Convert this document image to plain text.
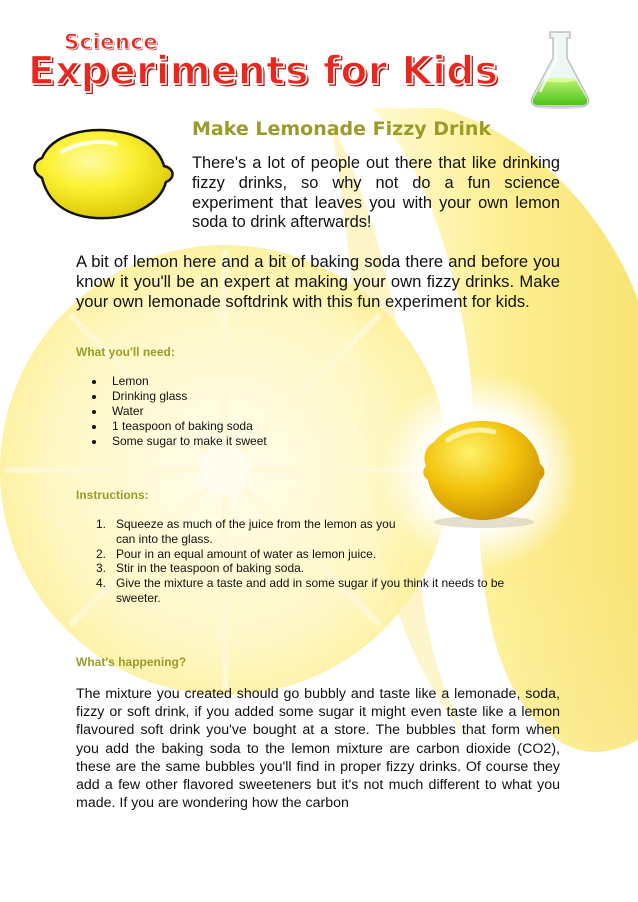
Science
Experiments for Kids
Make Lemonade Fizzy Drink

There's a lot of people out there that like drinking fizzy drinks, so why not do a fun science experiment that leaves you with your own lemon soda to drink afterwards!

A bit of lemon here and a bit of baking soda there and before you know it you'll be an expert at making your own fizzy drinks. Make your own lemonade softdrink with this fun experiment for kids.

What you'll need:
Lemon
Drinking glass
Water
1 teaspoon of baking soda
Some sugar to make it sweet
Instructions:
1. Squeeze as much of the juice from the lemon as you can into the glass.
2. Pour in an equal amount of water as lemon juice.
3. Stir in the teaspoon of baking soda.
4. Give the mixture a taste and add in some sugar if you think it needs to be sweeter.
What's happening?

The mixture you created should go bubbly and taste like a lemonade, soda, fizzy or soft drink, if you added some sugar it might even taste like a lemon flavoured soft drink you've bought at a store. The bubbles that form when you add the baking soda to the lemon mixture are carbon dioxide (CO2), these are the same bubbles you'll find in proper fizzy drinks. Of course they add a few other flavored sweeteners but it's not much different to what you made. If you are wondering how the carbon
